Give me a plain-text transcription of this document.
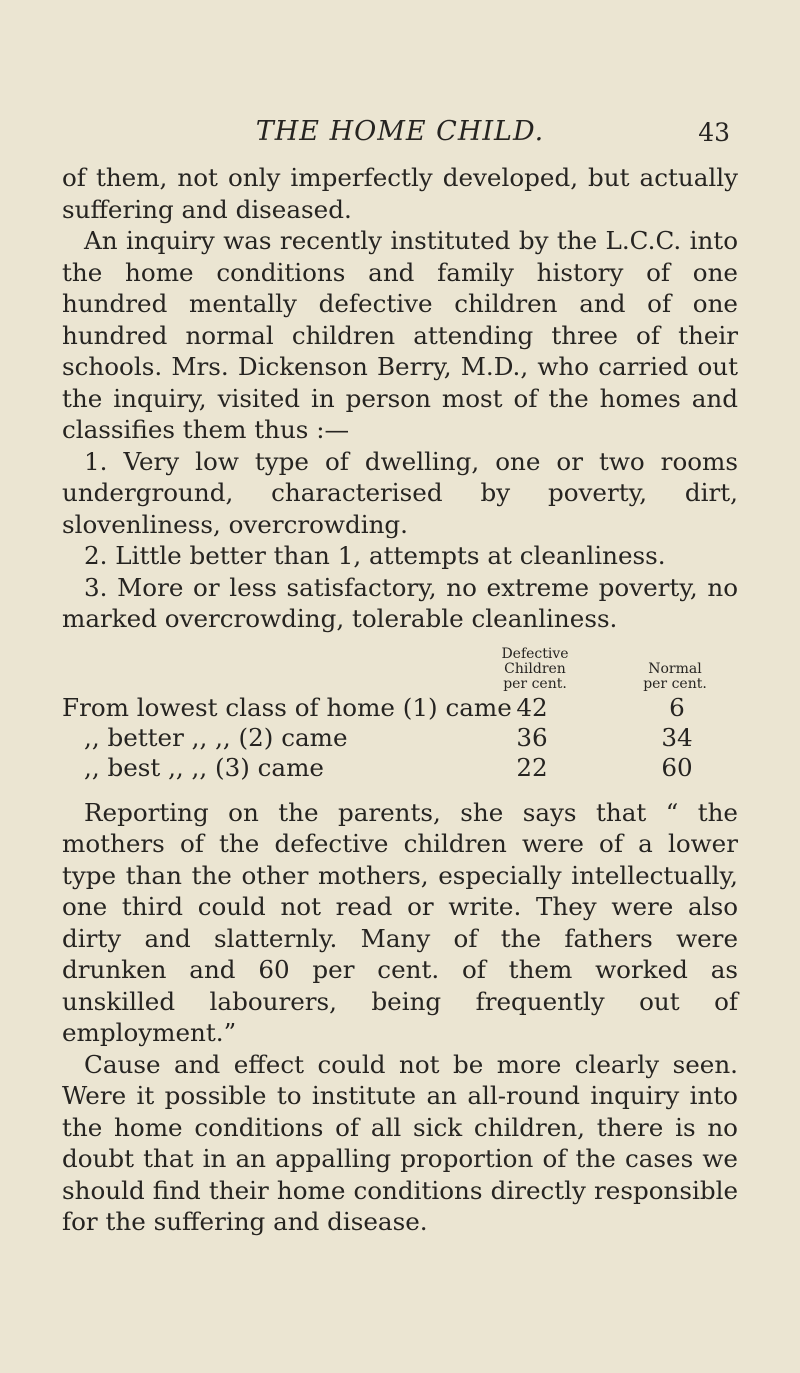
THE HOME CHILD.	43

of them, not only imperfectly developed, but actually suffering and diseased.

An inquiry was recently instituted by the L.C.C. into the home conditions and family history of one hundred mentally defective children and of one hundred normal children attending three of their schools. Mrs. Dickenson Berry, M.D., who carried out the inquiry, visited in person most of the homes and classifies them thus :—

1. Very low type of dwelling, one or two rooms underground, characterised by poverty, dirt, slovenliness, overcrowding.

2. Little better than 1, attempts at cleanliness.

3. More or less satisfactory, no extreme poverty, no marked overcrowding, tolerable cleanliness.

Defective
Children
per cent.

Normal
per cent.
From lowest class of home (1) came 42	6
,, better ,, ,, (2) came	36	34
,, best ,, ,, (3) came	22	60

Reporting on the parents, she says that “ the mothers of the defective children were of a lower type than the other mothers, especially intellectually, one third could not read or write. They were also dirty and slatternly. Many of the fathers were drunken and 60 per cent. of them worked as unskilled labourers, being frequently out of employment.”

Cause and effect could not be more clearly seen. Were it possible to institute an all-round inquiry into the home conditions of all sick children, there is no doubt that in an appalling proportion of the cases we should find their home conditions directly responsible for the suffering and disease.
